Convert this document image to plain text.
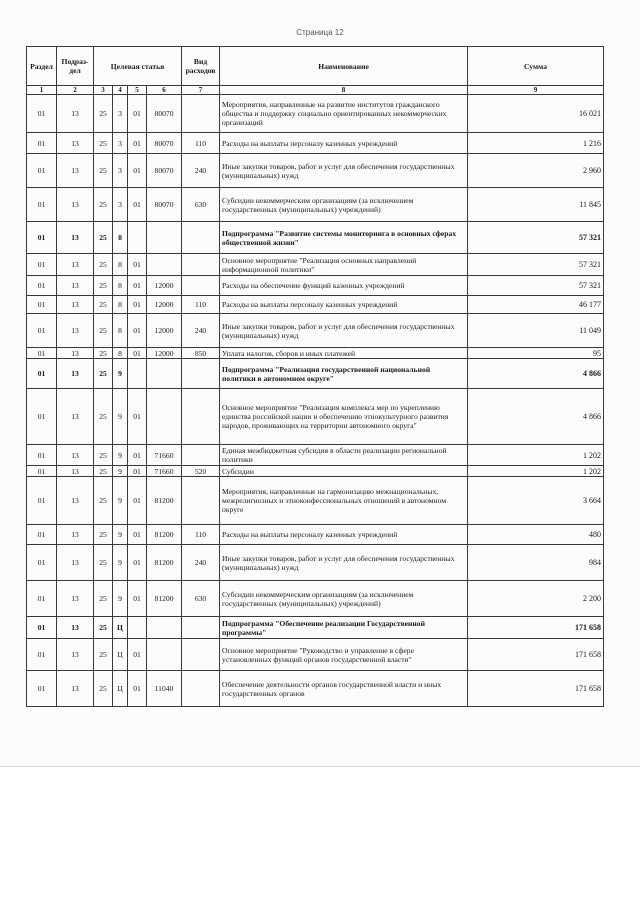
Страница 12
Раздел	Подраз-дел	Целевая статья				Вид расходов	Наименование	Сумма
1	2	3	4	5	6	7	8	9
01	13	25	3	01	80070		Мероприятия, направленные на развитие институтов гражданского общества и поддержку социально ориентированных некоммерческих организаций	16 021
01	13	25	3	01	80070	110	Расходы на выплаты персоналу казенных учреждений	1 216
01	13	25	3	01	80070	240	Иные закупки товаров, работ и услуг для обеспечения государственных (муниципальных) нужд	2 960
01	13	25	3	01	80070	630	Субсидии некоммерческим организациям (за исключением государственных (муниципальных) учреждений)	11 845
01	13	25	8				Подпрограмма "Развитие системы мониторинга в основных сферах общественной жизни"	57 321
01	13	25	8	01			Основное мероприятие "Реализация основных направлений информационной политики"	57 321
01	13	25	8	01	12000		Расходы на обеспечение функций казенных учреждений	57 321
01	13	25	8	01	12000	110	Расходы на выплаты персоналу казенных учреждений	46 177
01	13	25	8	01	12000	240	Иные закупки товаров, работ и услуг для обеспечения государственных (муниципальных) нужд	11 049
01	13	25	8	01	12000	850	Уплата налогов, сборов и иных платежей	95
01	13	25	9				Подпрограмма "Реализация государственной национальной политики в автономном округе"	4 866
01	13	25	9	01			Основное мероприятие "Реализация комплекса мер по укреплению единства российской нации и обеспечению этнокультурного развития народов, проживающих на территории автономного округа"	4 866
01	13	25	9	01	71660		Единая межбюджетная субсидия в области реализации региональной политики	1 202
01	13	25	9	01	71660	520	Субсидии	1 202
01	13	25	9	01	81200		Мероприятия, направленные на гармонизацию межнациональных, межрелигиозных и этноконфессиональных отношений в автономном округе	3 664
01	13	25	9	01	81200	110	Расходы на выплаты персоналу казенных учреждений	480
01	13	25	9	01	81200	240	Иные закупки товаров, работ и услуг для обеспечения государственных (муниципальных) нужд	984
01	13	25	9	01	81200	630	Субсидии некоммерческим организациям (за исключением государственных (муниципальных) учреждений)	2 200
01	13	25	Ц				Подпрограмма "Обеспечение реализации Государственной программы"	171 658
01	13	25	Ц	01			Основное мероприятие "Руководство и управление в сфере установленных функций органов государственной власти"	171 658
01	13	25	Ц	01	11040		Обеспечение деятельности органов государственной власти и иных государственных органов	171 658
